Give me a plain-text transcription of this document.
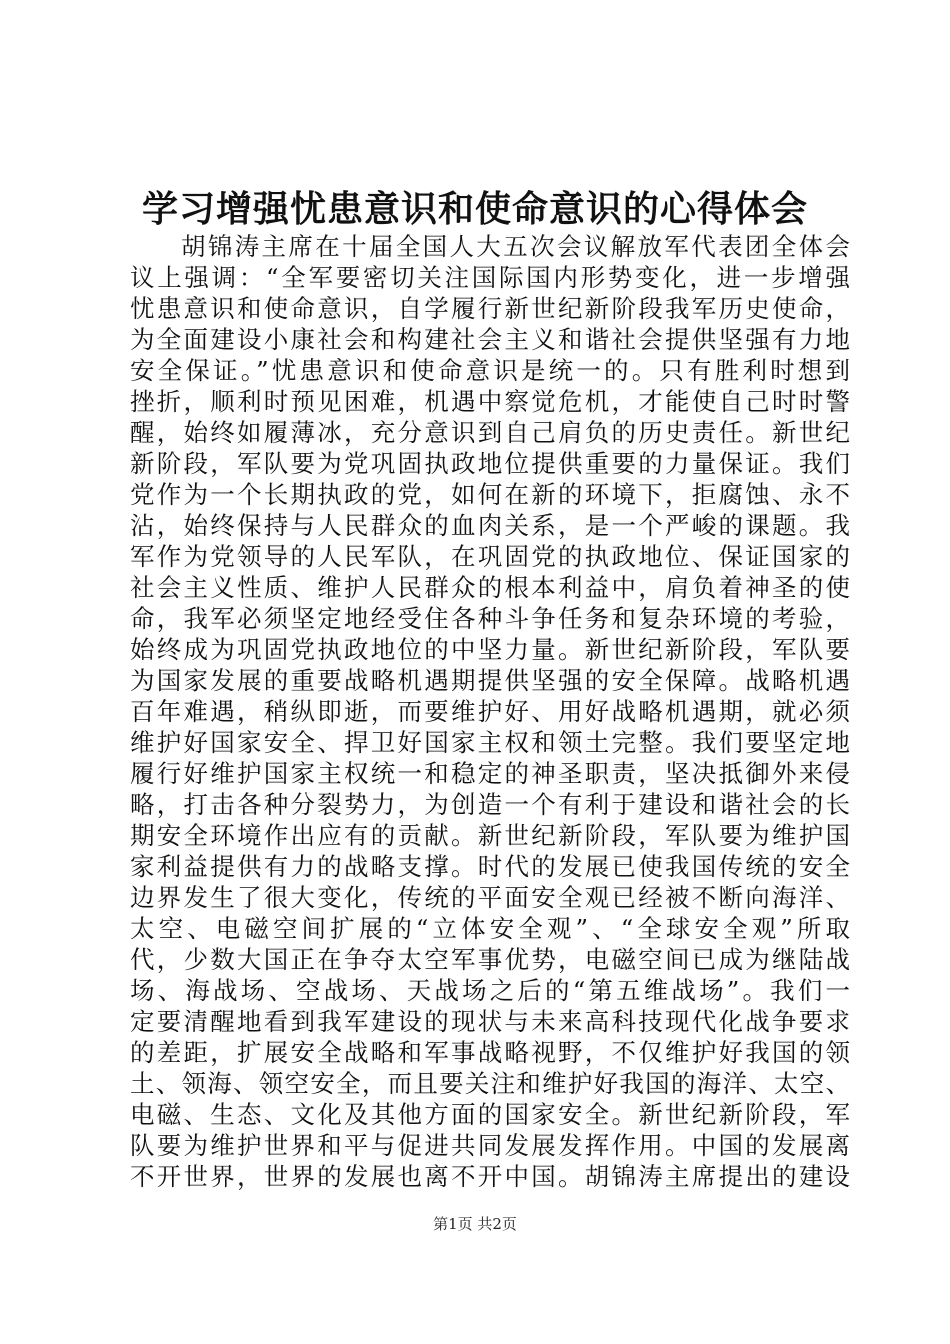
学习增强忧患意识和使命意识的心得体会
胡锦涛主席在十届全国人大五次会议解放军代表团全体会
议上强调：“全军要密切关注国际国内形势变化，进一步增强
忧患意识和使命意识，自学履行新世纪新阶段我军历史使命，
为全面建设小康社会和构建社会主义和谐社会提供坚强有力地
安全保证。”忧患意识和使命意识是统一的。只有胜利时想到
挫折，顺利时预见困难，机遇中察觉危机，才能使自己时时警
醒，始终如履薄冰，充分意识到自己肩负的历史责任。新世纪
新阶段，军队要为党巩固执政地位提供重要的力量保证。我们
党作为一个长期执政的党，如何在新的环境下，拒腐蚀、永不
沾，始终保持与人民群众的血肉关系，是一个严峻的课题。我
军作为党领导的人民军队，在巩固党的执政地位、保证国家的
社会主义性质、维护人民群众的根本利益中，肩负着神圣的使
命，我军必须坚定地经受住各种斗争任务和复杂环境的考验，
始终成为巩固党执政地位的中坚力量。新世纪新阶段，军队要
为国家发展的重要战略机遇期提供坚强的安全保障。战略机遇
百年难遇，稍纵即逝，而要维护好、用好战略机遇期，就必须
维护好国家安全、捍卫好国家主权和领土完整。我们要坚定地
履行好维护国家主权统一和稳定的神圣职责，坚决抵御外来侵
略，打击各种分裂势力，为创造一个有利于建设和谐社会的长
期安全环境作出应有的贡献。新世纪新阶段，军队要为维护国
家利益提供有力的战略支撑。时代的发展已使我国传统的安全
边界发生了很大变化，传统的平面安全观已经被不断向海洋、
太空、电磁空间扩展的“立体安全观”、“全球安全观”所取
代，少数大国正在争夺太空军事优势，电磁空间已成为继陆战
场、海战场、空战场、天战场之后的“第五维战场”。我们一
定要清醒地看到我军建设的现状与未来高科技现代化战争要求
的差距，扩展安全战略和军事战略视野，不仅维护好我国的领
土、领海、领空安全，而且要关注和维护好我国的海洋、太空、
电磁、生态、文化及其他方面的国家安全。新世纪新阶段，军
队要为维护世界和平与促进共同发展发挥作用。中国的发展离
不开世界，世界的发展也离不开中国。胡锦涛主席提出的建设
第1页 共2页
